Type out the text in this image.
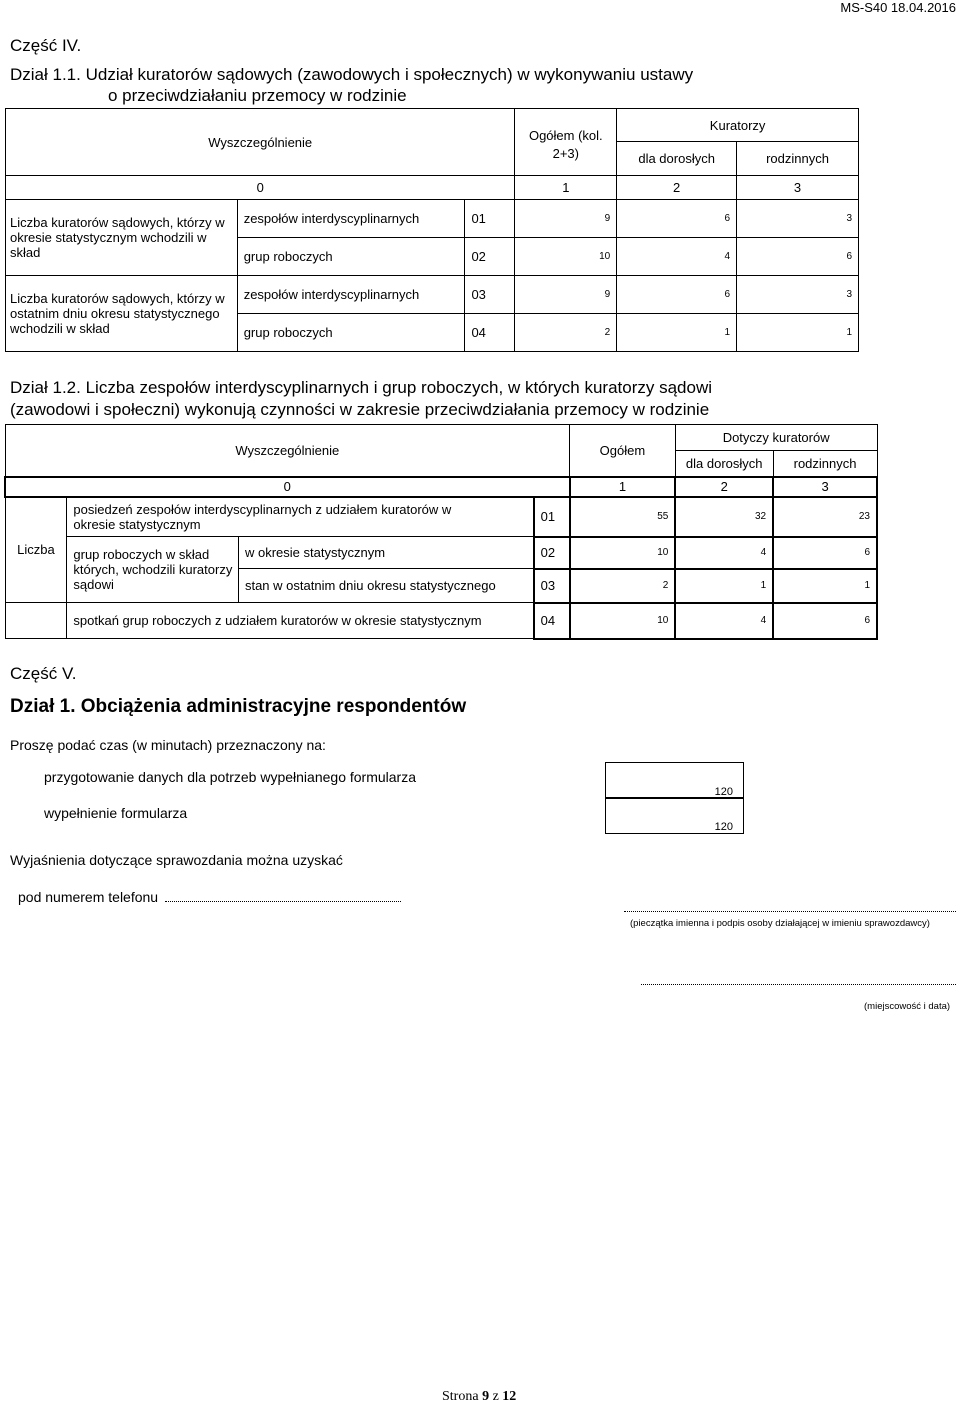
MS-S40 18.04.2016
Część IV.
Dział 1.1. Udział kuratorów sądowych (zawodowych i społecznych) w wykonywaniu ustawy
o przeciwdziałaniu przemocy w rodzinie
Wyszczególnienie			Ogółem (kol. 2+3)	Kuratorzy	
				dla dorosłych	rodzinnych
0			1	2	3
Liczba kuratorów sądowych, którzy w okresie statystycznym wchodzili w skład	zespołów interdyscyplinarnych	01	9	6	3
	grup roboczych	02	10	4	6
Liczba kuratorów sądowych, którzy w ostatnim dniu okresu statystycznego wchodzili w skład	zespołów interdyscyplinarnych	03	9	6	3
	grup roboczych	04	2	1	1
Dział 1.2. Liczba zespołów interdyscyplinarnych i grup roboczych, w których kuratorzy sądowi
(zawodowi i społeczni) wykonują czynności w zakresie przeciwdziałania przemocy w rodzinie
Wyszczególnienie				Ogółem	Dotyczy kuratorów	
					dla dorosłych	rodzinnych
0				1	2	3
Liczba	posiedzeń zespołów interdyscyplinarnych z udziałem kuratorów w okresie statystycznym		01	55	32	23
	grup roboczych w skład których, wchodzili kuratorzy sądowi	w okresie statystycznym	02	10	4	6
		stan w ostatnim dniu okresu statystycznego	03	2	1	1
	spotkań grup roboczych z udziałem kuratorów w okresie statystycznym		04	10	4	6
Część V.
Dział 1. Obciążenia administracyjne respondentów
Proszę podać czas (w minutach) przeznaczony na:
przygotowanie danych dla potrzeb wypełnianego formularza
wypełnienie formularza
120
120
Wyjaśnienia dotyczące sprawozdania można uzyskać
pod numerem telefonu
(pieczątka imienna i podpis osoby działającej w imieniu sprawozdawcy)
(miejscowość i data)
Strona 9 z 12
